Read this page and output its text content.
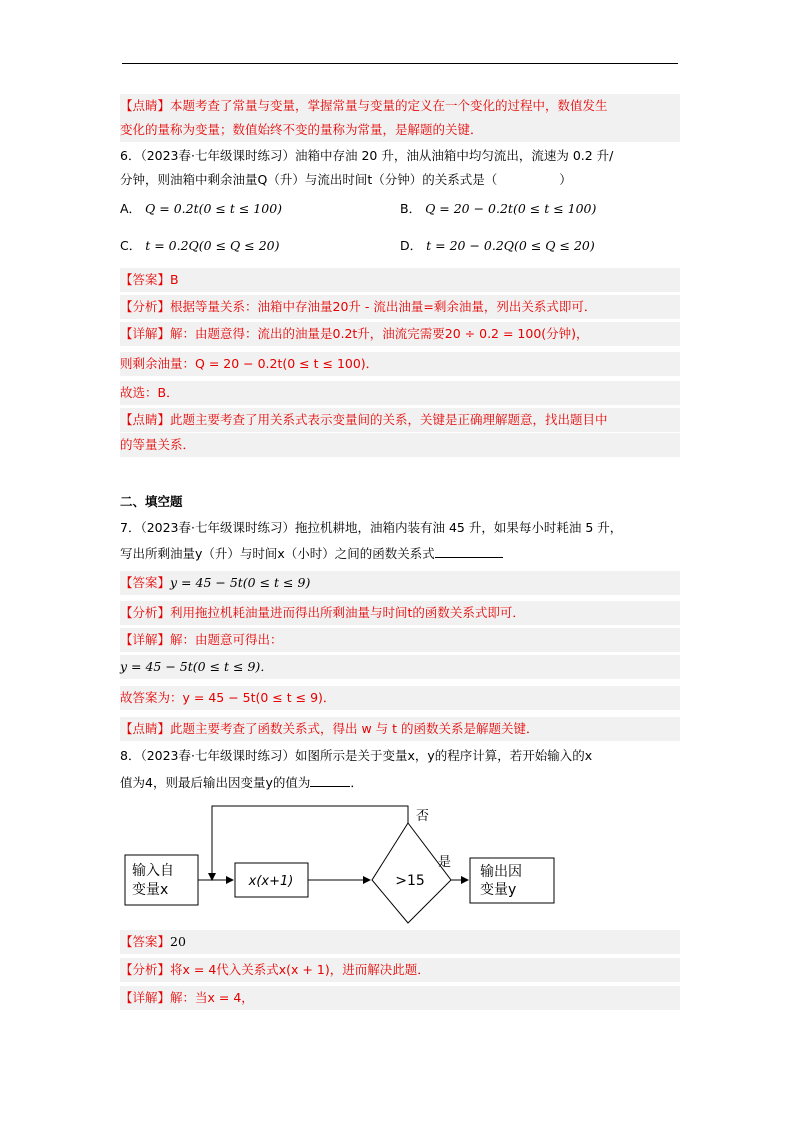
【点睛】本题考查了常量与变量，掌握常量与变量的定义在一个变化的过程中，数值发生
变化的量称为变量；数值始终不变的量称为常量，是解题的关键．
6．（2023春·七年级课时练习）油箱中存油 20 升，油从油箱中均匀流出，流速为 0.2 升/
分钟，则油箱中剩余油量Q（升）与流出时间t（分钟）的关系式是（	）
A． Q = 0.2t(0 ≤ t ≤ 100)	B． Q = 20 − 0.2t(0 ≤ t ≤ 100)
C． t = 0.2Q(0 ≤ Q ≤ 20)	D． t = 20 − 0.2Q(0 ≤ Q ≤ 20)
【答案】B
【分析】根据等量关系：油箱中存油量20升 - 流出油量=剩余油量，列出关系式即可．
【详解】解：由题意得：流出的油量是0.2t升，油流完需要20 ÷ 0.2 = 100(分钟)，
则剩余油量：Q = 20 − 0.2t(0 ≤ t ≤ 100)．
故选：B．
【点睛】此题主要考查了用关系式表示变量间的关系，关键是正确理解题意，找出题目中
的等量关系．
二、填空题
7．（2023春·七年级课时练习）拖拉机耕地，油箱内装有油 45 升，如果每小时耗油 5 升，
写出所剩油量y（升）与时间x（小时）之间的函数关系式
【答案】y = 45 − 5t(0 ≤ t ≤ 9)
【分析】利用拖拉机耗油量进而得出所剩油量与时间t的函数关系式即可．
【详解】解：由题意可得出：
y = 45 − 5t(0 ≤ t ≤ 9)．
故答案为：y = 45 − 5t(0 ≤ t ≤ 9)．
【点睛】此题主要考查了函数关系式，得出 w 与 t 的函数关系是解题关键．
8．（2023春·七年级课时练习）如图所示是关于变量x，y的程序计算，若开始输入的x
值为4，则最后输出因变量y的值为	．
输入自
变量x
x(x+1)	>15
否
是
输出因
变量y
【答案】20
【分析】将x = 4代入关系式x(x + 1)，进而解决此题．
【详解】解：当x = 4，
